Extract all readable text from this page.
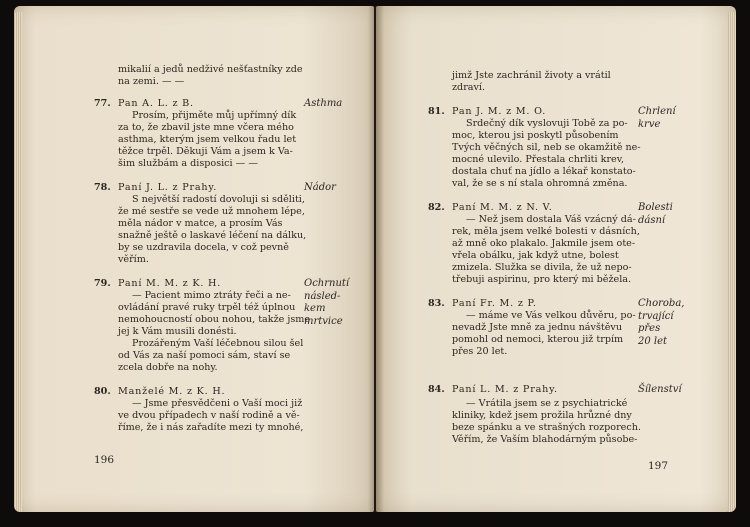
mikalií a jedů nedživé nešťastníky zde
na zemi. — —
77. Pan A. L. z B.	Asthma
Prosím, přijměte můj upřímný dík
za to, že zbavil jste mne včera mého
asthma, kterým jsem velkou řadu let
těžce trpěl. Děkuji Vám a jsem k Va-
šim službám a disposici — —
78. Paní J. L. z Prahy.	Nádor
S největší radostí dovoluji si sděliti,
že mé sestře se vede už mnohem lépe,
měla nádor v matce, a prosím Vás
snažně ještě o laskavé léčení na dálku,
by se uzdravila docela, v což pevně
věřím.
79. Paní M. M. z K. H.	Ochrnutí
násled-
kem
mrtvice
— Pacient mimo ztráty řeči a ne-
ovládání pravé ruky trpěl též úplnou
nemohoucností obou nohou, takže jsme
jej k Vám musili donésti.
Prozářeným Vaší léčebnou silou šel
od Vás za naší pomoci sám, staví se
zcela dobře na nohy.
80. Manželé M. z K. H.
— Jsme přesvědčeni o Vaší moci již
ve dvou případech v naší rodině a vě-
říme, že i nás zařadíte mezi ty mnohé,
196
jimž Jste zachránil životy a vrátil
zdraví.
81. Pan J. M. z M. O.	Chrlení
krve
Srdečný dík vyslovuji Tobě za po-
moc, kterou jsi poskytl působením
Tvých věčných sil, neb se okamžitě ne-
mocné ulevilo. Přestala chrliti krev,
dostala chuť na jídlo a lékař konstato-
val, že se s ní stala ohromná změna.
82. Paní M. M. z N. V.	Bolesti
dásní
— Než jsem dostala Váš vzácný dá-
rek, měla jsem velké bolesti v dásních,
až mně oko plakalo. Jakmile jsem ote-
vřela obálku, jak když utne, bolest
zmizela. Služka se divila, že už nepo-
třebuji aspirinu, pro který mi běžela.
83. Paní Fr. M. z P.	Choroba,
trvající
přes
20 let
— máme ve Vás velkou důvěru, po-
nevadž Jste mně za jednu návštěvu
pomohl od nemoci, kterou již trpím
přes 20 let.
84. Paní L. M. z Prahy.	Šílenství
— Vrátila jsem se z psychiatrické
kliniky, kdež jsem prožila hrůzné dny
beze spánku a ve strašných rozporech.
Věřím, že Vaším blahodárným působe-
197
